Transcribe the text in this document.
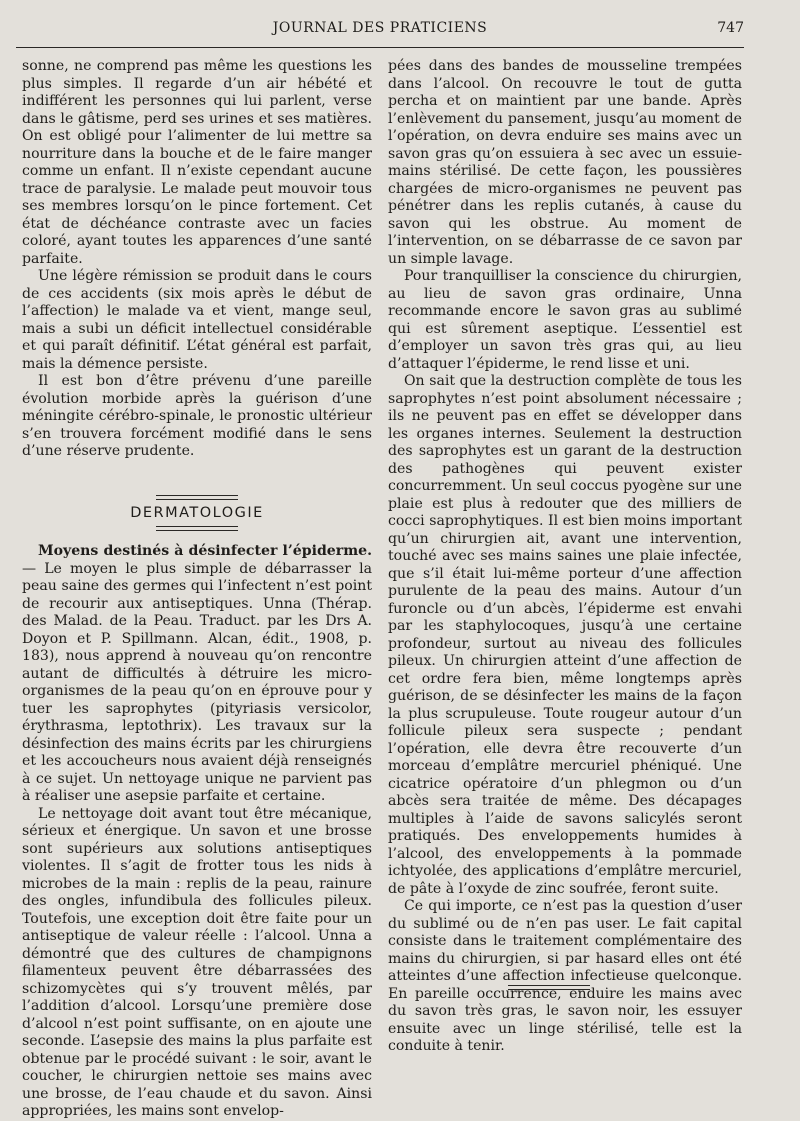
JOURNAL DES PRATICIENS	747

sonne, ne comprend pas même les questions les plus simples. Il regarde d’un air hébété et indifférent les personnes qui lui parlent, verse dans le gâtisme, perd ses urines et ses matières. On est obligé pour l’alimenter de lui mettre sa nourriture dans la bouche et de le faire manger comme un enfant. Il n’existe cependant aucune trace de paralysie. Le malade peut mouvoir tous ses membres lorsqu’on le pince fortement. Cet état de déchéance contraste avec un facies coloré, ayant toutes les apparences d’une santé parfaite.

Une légère rémission se produit dans le cours de ces accidents (six mois après le début de l’affection) le malade va et vient, mange seul, mais a subi un déficit intellectuel considérable et qui paraît définitif. L’état général est parfait, mais la démence persiste.

Il est bon d’être prévenu d’une pareille évolution morbide après la guérison d’une méningite cérébro-spinale, le pronostic ultérieur s’en trouvera forcément modifié dans le sens d’une réserve prudente.

DERMATOLOGIE

Moyens destinés à désinfecter l’épiderme. — Le moyen le plus simple de débarrasser la peau saine des germes qui l’infectent n’est point de recourir aux antiseptiques. Unna (Thérap. des Malad. de la Peau. Traduct. par les Drs A. Doyon et P. Spillmann. Alcan, édit., 1908, p. 183), nous apprend à nouveau qu’on rencontre autant de difficultés à détruire les micro-organismes de la peau qu’on en éprouve pour y tuer les saprophytes (pityriasis versicolor, érythrasma, leptothrix). Les travaux sur la désinfection des mains écrits par les chirurgiens et les accoucheurs nous avaient déjà renseignés à ce sujet. Un nettoyage unique ne parvient pas à réaliser une asepsie parfaite et certaine.

Le nettoyage doit avant tout être mécanique, sérieux et énergique. Un savon et une brosse sont supérieurs aux solutions antiseptiques violentes. Il s’agit de frotter tous les nids à microbes de la main : replis de la peau, rainure des ongles, infundibula des follicules pileux. Toutefois, une exception doit être faite pour un antiseptique de valeur réelle : l’alcool. Unna a démontré que des cultures de champignons filamenteux peuvent être débarrassées des schizomycètes qui s’y trouvent mêlés, par l’addition d’alcool. Lorsqu’une première dose d’alcool n’est point suffisante, on en ajoute une seconde. L’asepsie des mains la plus parfaite est obtenue par le procédé suivant : le soir, avant le coucher, le chirurgien nettoie ses mains avec une brosse, de l’eau chaude et du savon. Ainsi appropriées, les mains sont envelop-

pées dans des bandes de mousseline trempées dans l’alcool. On recouvre le tout de gutta percha et on maintient par une bande. Après l’enlèvement du pansement, jusqu’au moment de l’opération, on devra enduire ses mains avec un savon gras qu’on essuiera à sec avec un essuie-mains stérilisé. De cette façon, les poussières chargées de micro-organismes ne peuvent pas pénétrer dans les replis cutanés, à cause du savon qui les obstrue. Au moment de l’intervention, on se débarrasse de ce savon par un simple lavage.

Pour tranquilliser la conscience du chirurgien, au lieu de savon gras ordinaire, Unna recommande encore le savon gras au sublimé qui est sûrement aseptique. L’essentiel est d’employer un savon très gras qui, au lieu d’attaquer l’épiderme, le rend lisse et uni.

On sait que la destruction complète de tous les saprophytes n’est point absolument nécessaire ; ils ne peuvent pas en effet se développer dans les organes internes. Seulement la destruction des saprophytes est un garant de la destruction des pathogènes qui peuvent exister concurremment. Un seul coccus pyogène sur une plaie est plus à redouter que des milliers de cocci saprophytiques. Il est bien moins important qu’un chirurgien ait, avant une intervention, touché avec ses mains saines une plaie infectée, que s’il était lui-même porteur d’une affection purulente de la peau des mains. Autour d’un furoncle ou d’un abcès, l’épiderme est envahi par les staphylocoques, jusqu’à une certaine profondeur, surtout au niveau des follicules pileux. Un chirurgien atteint d’une affection de cet ordre fera bien, même longtemps après guérison, de se désinfecter les mains de la façon la plus scrupuleuse. Toute rougeur autour d’un follicule pileux sera suspecte ; pendant l’opération, elle devra être recouverte d’un morceau d’emplâtre mercuriel phéniqué. Une cicatrice opératoire d’un phlegmon ou d’un abcès sera traitée de même. Des décapages multiples à l’aide de savons salicylés seront pratiqués. Des enveloppements humides à l’alcool, des enveloppements à la pommade ichtyolée, des applications d’emplâtre mercuriel, de pâte à l’oxyde de zinc soufrée, feront suite.

Ce qui importe, ce n’est pas la question d’user du sublimé ou de n’en pas user. Le fait capital consiste dans le traitement complémentaire des mains du chirurgien, si par hasard elles ont été atteintes d’une affection infectieuse quelconque. En pareille occurrence, enduire les mains avec du savon très gras, le savon noir, les essuyer ensuite avec un linge stérilisé, telle est la conduite à tenir.
